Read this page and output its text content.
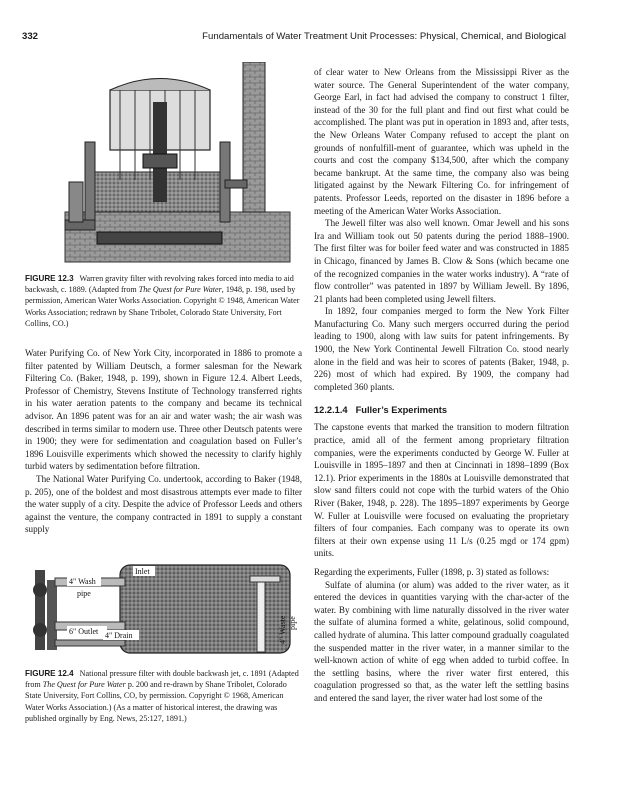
332	Fundamentals of Water Treatment Unit Processes: Physical, Chemical, and Biological

FIGURE 12.3 Warren gravity filter with revolving rakes forced into media to aid backwash, c. 1889. (Adapted from The Quest for Pure Water, 1948, p. 198, used by permission, American Water Works Association. Copyright © 1948, American Water Works Association; redrawn by Shane Tribolet, Colorado State University, Fort Collins, CO.)

Water Purifying Co. of New York City, incorporated in 1886 to promote a filter patented by William Deutsch, a former salesman for the Newark Filtering Co. (Baker, 1948, p. 199), shown in Figure 12.4. Albert Leeds, Professor of Chemistry, Stevens Institute of Technology transferred rights in his water aeration patents to the company and became its technical advisor. An 1896 patent was for an air and water wash; the air wash was described in terms similar to modern use. Three other Deutsch patents were in 1900; they were for sedimentation and coagulation based on Fuller’s 1896 Louisville experiments which showed the necessity to clarify highly turbid waters by sedimentation before filtration.

The National Water Purifying Co. undertook, according to Baker (1948, p. 205), one of the boldest and most disastrous attempts ever made to filter the water supply of a city. Despite the advice of Professor Leeds and others against the venture, the company contracted in 1891 to supply a constant supply

Inlet
4" Wash
pipe
6" Outlet 4" Drain	4" Waste pipe

FIGURE 12.4 National pressure filter with double backwash jet, c. 1891 (Adapted from The Quest for Pure Water p. 200 and re-drawn by Shane Tribolet, Colorado State University, Fort Collins, CO, by permission. Copyright © 1968, American Water Works Association.) (As a matter of historical interest, the drawing was published orginally by Eng. News, 25:127, 1891.)

of clear water to New Orleans from the Mississippi River as the water source. The General Superintendent of the water company, George Earl, in fact had advised the company to construct 1 filter, instead of the 30 for the full plant and find out first what could be accomplished. The plant was put in operation in 1893 and, after tests, the New Orleans Water Company refused to accept the plant on grounds of nonfulfill-ment of guarantee, which was upheld in the courts and cost the company $134,500, after which the company became bankrupt. At the same time, the company also was being litigated against by the Newark Filtering Co. for infringement of patents. Professor Leeds, reported on the disaster in 1896 before a meeting of the American Water Works Association.

The Jewell filter was also well known. Omar Jewell and his sons Ira and William took out 50 patents during the period 1888–1900. The first filter was for boiler feed water and was constructed in 1885 in Chicago, financed by James B. Clow & Sons (which became one of the recognized companies in the water works industry). A “rate of flow controller” was patented in 1897 by William Jewell. By 1896, 21 plants had been completed using Jewell filters.

In 1892, four companies merged to form the New York Filter Manufacturing Co. Many such mergers occurred during the period leading to 1900, along with law suits for patent infringements. By 1900, the New York Continental Jewell Filtration Co. stood nearly alone in the field and was heir to scores of patents (Baker, 1948, p. 226) most of which had expired. By 1909, the company had completed 360 plants.

12.2.1.4 Fuller’s Experiments

The capstone events that marked the transition to modern filtration practice, amid all of the ferment among proprietary filtration companies, were the experiments conducted by George W. Fuller at Louisville in 1895–1897 and then at Cincinnati in 1898–1899 (Box 12.1). Prior experiments in the 1880s at Louisville demonstrated that slow sand filters could not cope with the turbid waters of the Ohio River (Baker, 1948, p. 228). The 1895–1897 experiments by George W. Fuller at Louisville were focused on evaluating the proprietary filters of four companies. Each company was to operate its own filters at their own expense using 11 L/s (0.25 mgd or 174 gpm) units.

Regarding the experiments, Fuller (1898, p. 3) stated as follows:

Sulfate of alumina (or alum) was added to the river water, as it entered the devices in quantities varying with the char-acter of the water. By combining with lime naturally dissolved in the river water the sulfate of alumina formed a white, gelatinous, solid compound, called hydrate of alumina. This latter compound gradually coagulated the suspended matter in the river water, in a manner similar to the well-known action of white of egg when added to turbid coffee. In the settling basins, where the river water first entered, this coagulation progressed so that, as the water left the settling basins and entered the sand layer, the river water had lost some of the
